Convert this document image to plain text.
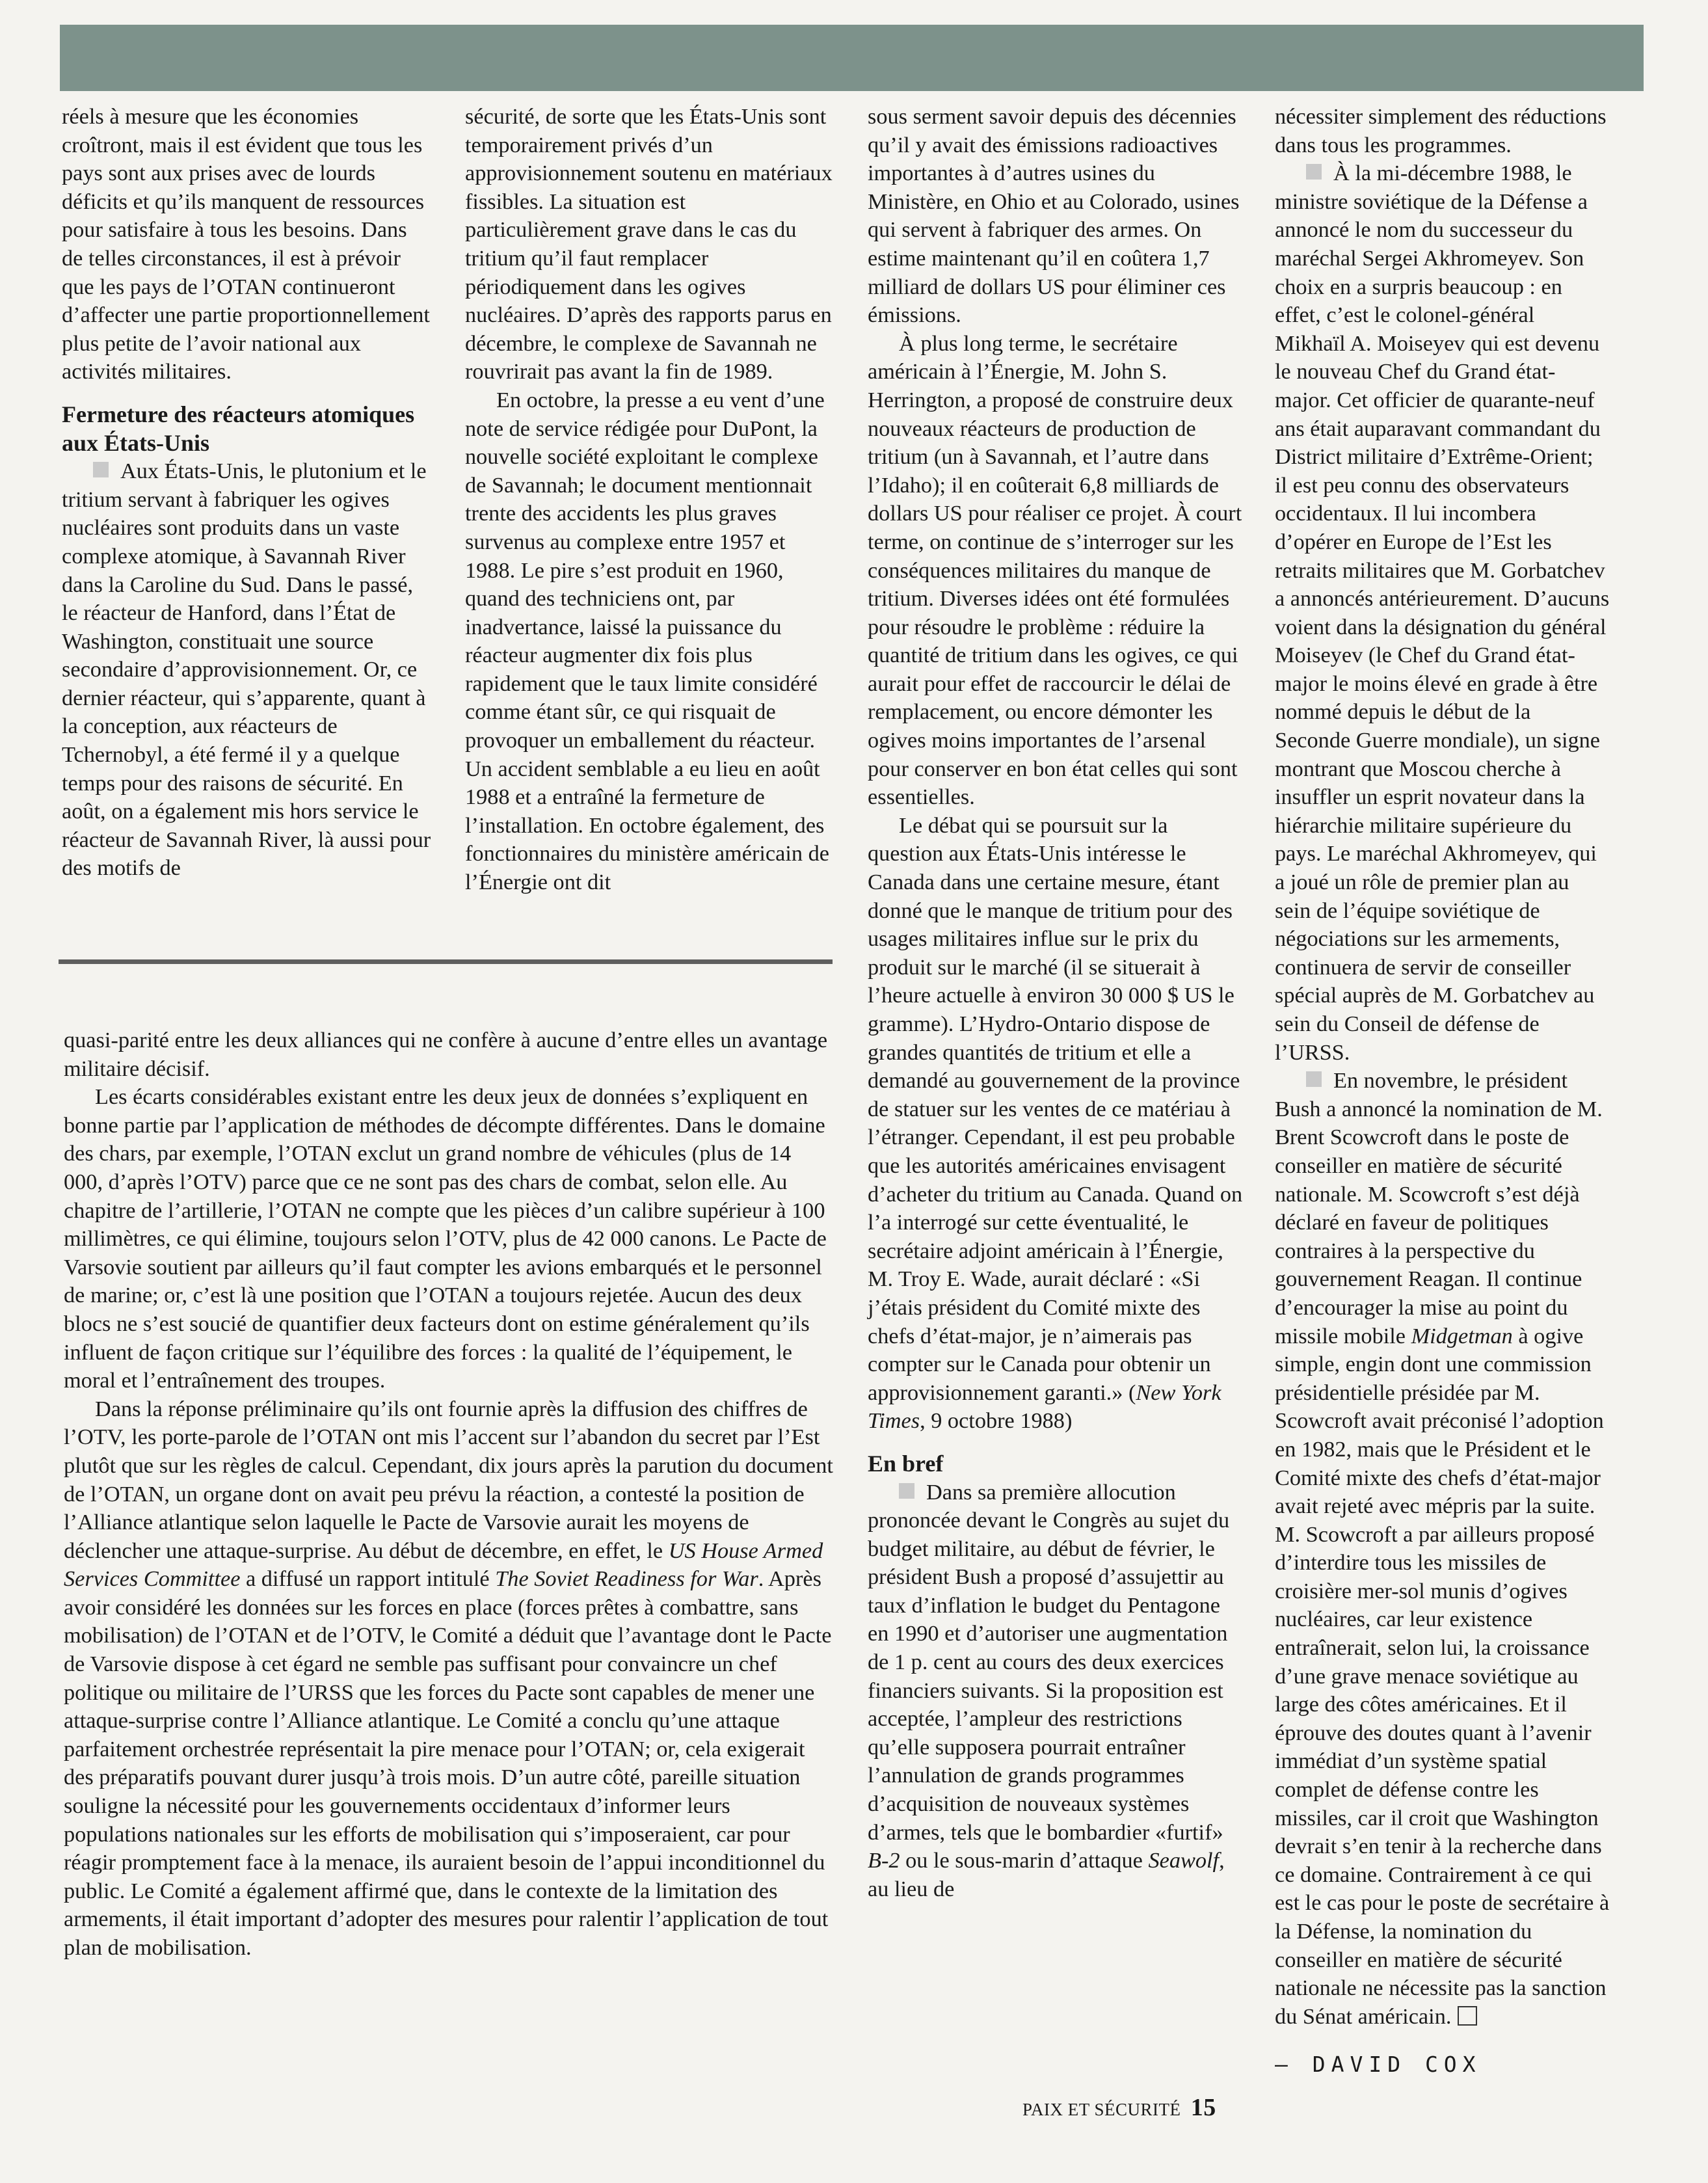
réels à mesure que les économies croîtront, mais il est évident que tous les pays sont aux prises avec de lourds déficits et qu’ils manquent de ressources pour satisfaire à tous les besoins. Dans de telles circonstances, il est à prévoir que les pays de l’OTAN continueront d’affecter une partie proportionnellement plus petite de l’avoir national aux activités militaires.

Fermeture des réacteurs atomiques aux États-Unis

Aux États-Unis, le plutonium et le tritium servant à fabriquer les ogives nucléaires sont produits dans un vaste complexe atomique, à Savannah River dans la Caroline du Sud. Dans le passé, le réacteur de Hanford, dans l’État de Washington, constituait une source secondaire d’approvisionnement. Or, ce dernier réacteur, qui s’apparente, quant à la conception, aux réacteurs de Tchernobyl, a été fermé il y a quelque temps pour des raisons de sécurité. En août, on a également mis hors service le réacteur de Savannah River, là aussi pour des motifs de

sécurité, de sorte que les États-Unis sont temporairement privés d’un approvisionnement soutenu en matériaux fissibles. La situation est particulièrement grave dans le cas du tritium qu’il faut remplacer périodiquement dans les ogives nucléaires. D’après des rapports parus en décembre, le complexe de Savannah ne rouvrirait pas avant la fin de 1989.

En octobre, la presse a eu vent d’une note de service rédigée pour DuPont, la nouvelle société exploitant le complexe de Savannah; le document mentionnait trente des accidents les plus graves survenus au complexe entre 1957 et 1988. Le pire s’est produit en 1960, quand des techniciens ont, par inadvertance, laissé la puissance du réacteur augmenter dix fois plus rapidement que le taux limite considéré comme étant sûr, ce qui risquait de provoquer un emballement du réacteur. Un accident semblable a eu lieu en août 1988 et a entraîné la fermeture de l’installation. En octobre également, des fonctionnaires du ministère américain de l’Énergie ont dit

quasi-parité entre les deux alliances qui ne confère à aucune d’entre elles un avantage militaire décisif.

Les écarts considérables existant entre les deux jeux de données s’expliquent en bonne partie par l’application de méthodes de décompte différentes. Dans le domaine des chars, par exemple, l’OTAN exclut un grand nombre de véhicules (plus de 14 000, d’après l’OTV) parce que ce ne sont pas des chars de combat, selon elle. Au chapitre de l’artillerie, l’OTAN ne compte que les pièces d’un calibre supérieur à 100 millimètres, ce qui élimine, toujours selon l’OTV, plus de 42 000 canons. Le Pacte de Varsovie soutient par ailleurs qu’il faut compter les avions embarqués et le personnel de marine; or, c’est là une position que l’OTAN a toujours rejetée. Aucun des deux blocs ne s’est soucié de quantifier deux facteurs dont on estime généralement qu’ils influent de façon critique sur l’équilibre des forces : la qualité de l’équipement, le moral et l’entraînement des troupes.

Dans la réponse préliminaire qu’ils ont fournie après la diffusion des chiffres de l’OTV, les porte-parole de l’OTAN ont mis l’accent sur l’abandon du secret par l’Est plutôt que sur les règles de calcul. Cependant, dix jours après la parution du document de l’OTAN, un organe dont on avait peu prévu la réaction, a contesté la position de l’Alliance atlantique selon laquelle le Pacte de Varsovie aurait les moyens de déclencher une attaque-surprise. Au début de décembre, en effet, le US House Armed Services Committee a diffusé un rapport intitulé The Soviet Readiness for War. Après avoir considéré les données sur les forces en place (forces prêtes à combattre, sans mobilisation) de l’OTAN et de l’OTV, le Comité a déduit que l’avantage dont le Pacte de Varsovie dispose à cet égard ne semble pas suffisant pour convaincre un chef politique ou militaire de l’URSS que les forces du Pacte sont capables de mener une attaque-surprise contre l’Alliance atlantique. Le Comité a conclu qu’une attaque parfaitement orchestrée représentait la pire menace pour l’OTAN; or, cela exigerait des préparatifs pouvant durer jusqu’à trois mois. D’un autre côté, pareille situation souligne la nécessité pour les gouvernements occidentaux d’informer leurs populations nationales sur les efforts de mobilisation qui s’imposeraient, car pour réagir promptement face à la menace, ils auraient besoin de l’appui inconditionnel du public. Le Comité a également affirmé que, dans le contexte de la limitation des armements, il était important d’adopter des mesures pour ralentir l’application de tout plan de mobilisation.

sous serment savoir depuis des décennies qu’il y avait des émissions radioactives importantes à d’autres usines du Ministère, en Ohio et au Colorado, usines qui servent à fabriquer des armes. On estime maintenant qu’il en coûtera 1,7 milliard de dollars US pour éliminer ces émissions.

À plus long terme, le secrétaire américain à l’Énergie, M. John S. Herrington, a proposé de construire deux nouveaux réacteurs de production de tritium (un à Savannah, et l’autre dans l’Idaho); il en coûterait 6,8 milliards de dollars US pour réaliser ce projet. À court terme, on continue de s’interroger sur les conséquences militaires du manque de tritium. Diverses idées ont été formulées pour résoudre le problème : réduire la quantité de tritium dans les ogives, ce qui aurait pour effet de raccourcir le délai de remplacement, ou encore démonter les ogives moins importantes de l’arsenal pour conserver en bon état celles qui sont essentielles.

Le débat qui se poursuit sur la question aux États-Unis intéresse le Canada dans une certaine mesure, étant donné que le manque de tritium pour des usages militaires influe sur le prix du produit sur le marché (il se situerait à l’heure actuelle à environ 30 000 $ US le gramme). L’Hydro-Ontario dispose de grandes quantités de tritium et elle a demandé au gouvernement de la province de statuer sur les ventes de ce matériau à l’étranger. Cependant, il est peu probable que les autorités américaines envisagent d’acheter du tritium au Canada. Quand on l’a interrogé sur cette éventualité, le secrétaire adjoint américain à l’Énergie, M. Troy E. Wade, aurait déclaré : «Si j’étais président du Comité mixte des chefs d’état-major, je n’aimerais pas compter sur le Canada pour obtenir un approvisionnement garanti.» (New York Times, 9 octobre 1988)

En bref

Dans sa première allocution prononcée devant le Congrès au sujet du budget militaire, au début de février, le président Bush a proposé d’assujettir au taux d’inflation le budget du Pentagone en 1990 et d’autoriser une augmentation de 1 p. cent au cours des deux exercices financiers suivants. Si la proposition est acceptée, l’ampleur des restrictions qu’elle supposera pourrait entraîner l’annulation de grands programmes d’acquisition de nouveaux systèmes d’armes, tels que le bombardier «furtif» B-2 ou le sous-marin d’attaque Seawolf, au lieu de

nécessiter simplement des réductions dans tous les programmes.

À la mi-décembre 1988, le ministre soviétique de la Défense a annoncé le nom du successeur du maréchal Sergei Akhromeyev. Son choix en a surpris beaucoup : en effet, c’est le colonel-général Mikhaïl A. Moiseyev qui est devenu le nouveau Chef du Grand état-major. Cet officier de quarante-neuf ans était auparavant commandant du District militaire d’Extrême-Orient; il est peu connu des observateurs occidentaux. Il lui incombera d’opérer en Europe de l’Est les retraits militaires que M. Gorbatchev a annoncés antérieurement. D’aucuns voient dans la désignation du général Moiseyev (le Chef du Grand état-major le moins élevé en grade à être nommé depuis le début de la Seconde Guerre mondiale), un signe montrant que Moscou cherche à insuffler un esprit novateur dans la hiérarchie militaire supérieure du pays. Le maréchal Akhromeyev, qui a joué un rôle de premier plan au sein de l’équipe soviétique de négociations sur les armements, continuera de servir de conseiller spécial auprès de M. Gorbatchev au sein du Conseil de défense de l’URSS.

En novembre, le président Bush a annoncé la nomination de M. Brent Scowcroft dans le poste de conseiller en matière de sécurité nationale. M. Scowcroft s’est déjà déclaré en faveur de politiques contraires à la perspective du gouvernement Reagan. Il continue d’encourager la mise au point du missile mobile Midgetman à ogive simple, engin dont une commission présidentielle présidée par M. Scowcroft avait préconisé l’adoption en 1982, mais que le Président et le Comité mixte des chefs d’état-major avait rejeté avec mépris par la suite. M. Scowcroft a par ailleurs proposé d’interdire tous les missiles de croisière mer-sol munis d’ogives nucléaires, car leur existence entraînerait, selon lui, la croissance d’une grave menace soviétique au large des côtes américaines. Et il éprouve des doutes quant à l’avenir immédiat d’un système spatial complet de défense contre les missiles, car il croit que Washington devrait s’en tenir à la recherche dans ce domaine. Contrairement à ce qui est le cas pour le poste de secrétaire à la Défense, la nomination du conseiller en matière de sécurité nationale ne nécessite pas la sanction du Sénat américain.

– DAVID COX

PAIX ET SÉCURITÉ 15
